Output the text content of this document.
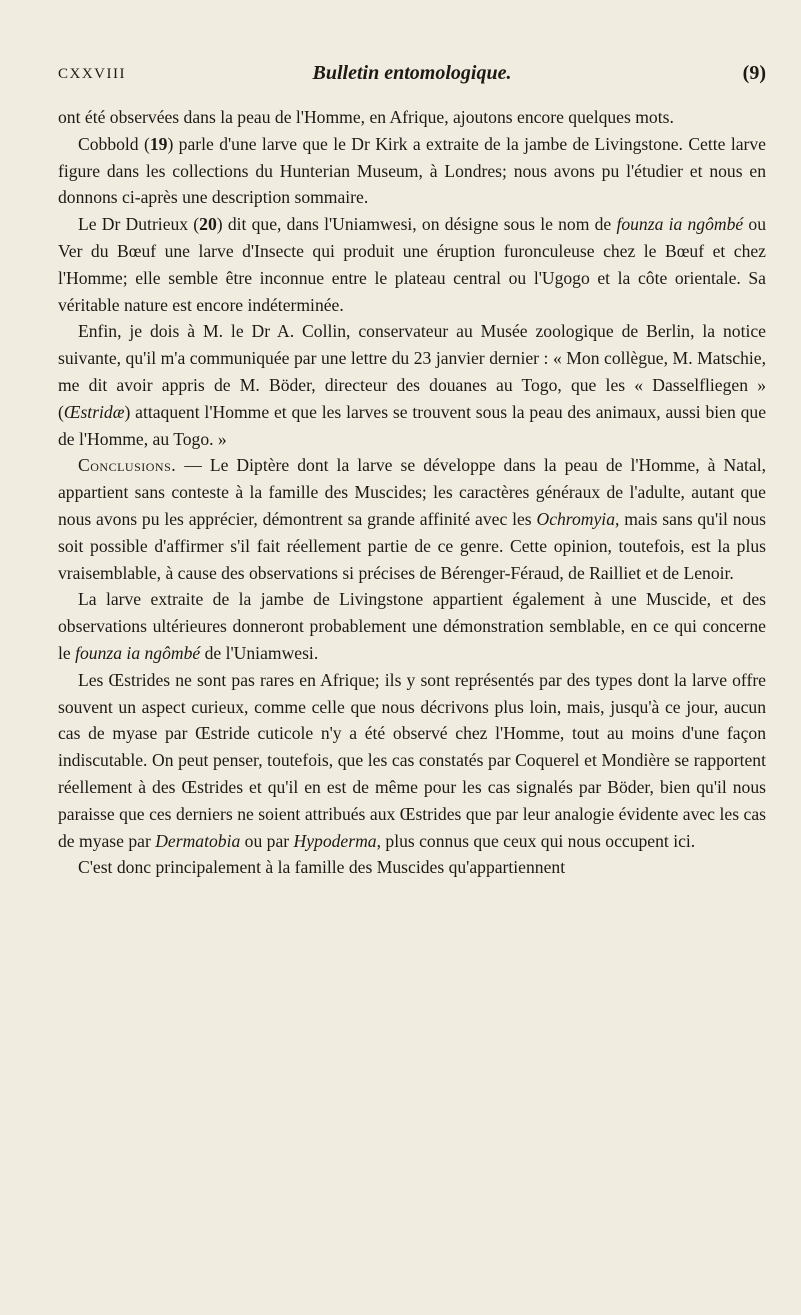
CXXVIII	Bulletin entomologique.	(9)

ont été observées dans la peau de l'Homme, en Afrique, ajoutons encore quelques mots.

Cobbold (19) parle d'une larve que le Dr Kirk a extraite de la jambe de Livingstone. Cette larve figure dans les collections du Hunterian Museum, à Londres; nous avons pu l'étudier et nous en donnons ci-après une description sommaire.

Le Dr Dutrieux (20) dit que, dans l'Uniamwesi, on désigne sous le nom de founza ia ngômbé ou Ver du Bœuf une larve d'Insecte qui produit une éruption furonculeuse chez le Bœuf et chez l'Homme; elle semble être inconnue entre le plateau central ou l'Ugogo et la côte orientale. Sa véritable nature est encore indéterminée.

Enfin, je dois à M. le Dr A. Collin, conservateur au Musée zoologique de Berlin, la notice suivante, qu'il m'a communiquée par une lettre du 23 janvier dernier : « Mon collègue, M. Matschie, me dit avoir appris de M. Böder, directeur des douanes au Togo, que les « Dasselfliegen » (Œstridæ) attaquent l'Homme et que les larves se trouvent sous la peau des animaux, aussi bien que de l'Homme, au Togo. »

Conclusions. — Le Diptère dont la larve se développe dans la peau de l'Homme, à Natal, appartient sans conteste à la famille des Muscides; les caractères généraux de l'adulte, autant que nous avons pu les apprécier, démontrent sa grande affinité avec les Ochromyia, mais sans qu'il nous soit possible d'affirmer s'il fait réellement partie de ce genre. Cette opinion, toutefois, est la plus vraisemblable, à cause des observations si précises de Bérenger-Féraud, de Railliet et de Lenoir.

La larve extraite de la jambe de Livingstone appartient également à une Muscide, et des observations ultérieures donneront probablement une démonstration semblable, en ce qui concerne le founza ia ngômbé de l'Uniamwesi.

Les Œstrides ne sont pas rares en Afrique; ils y sont représentés par des types dont la larve offre souvent un aspect curieux, comme celle que nous décrivons plus loin, mais, jusqu'à ce jour, aucun cas de myase par Œstride cuticole n'y a été observé chez l'Homme, tout au moins d'une façon indiscutable. On peut penser, toutefois, que les cas constatés par Coquerel et Mondière se rapportent réellement à des Œstrides et qu'il en est de même pour les cas signalés par Böder, bien qu'il nous paraisse que ces derniers ne soient attribués aux Œstrides que par leur analogie évidente avec les cas de myase par Dermatobia ou par Hypoderma, plus connus que ceux qui nous occupent ici.

C'est donc principalement à la famille des Muscides qu'appartiennent
